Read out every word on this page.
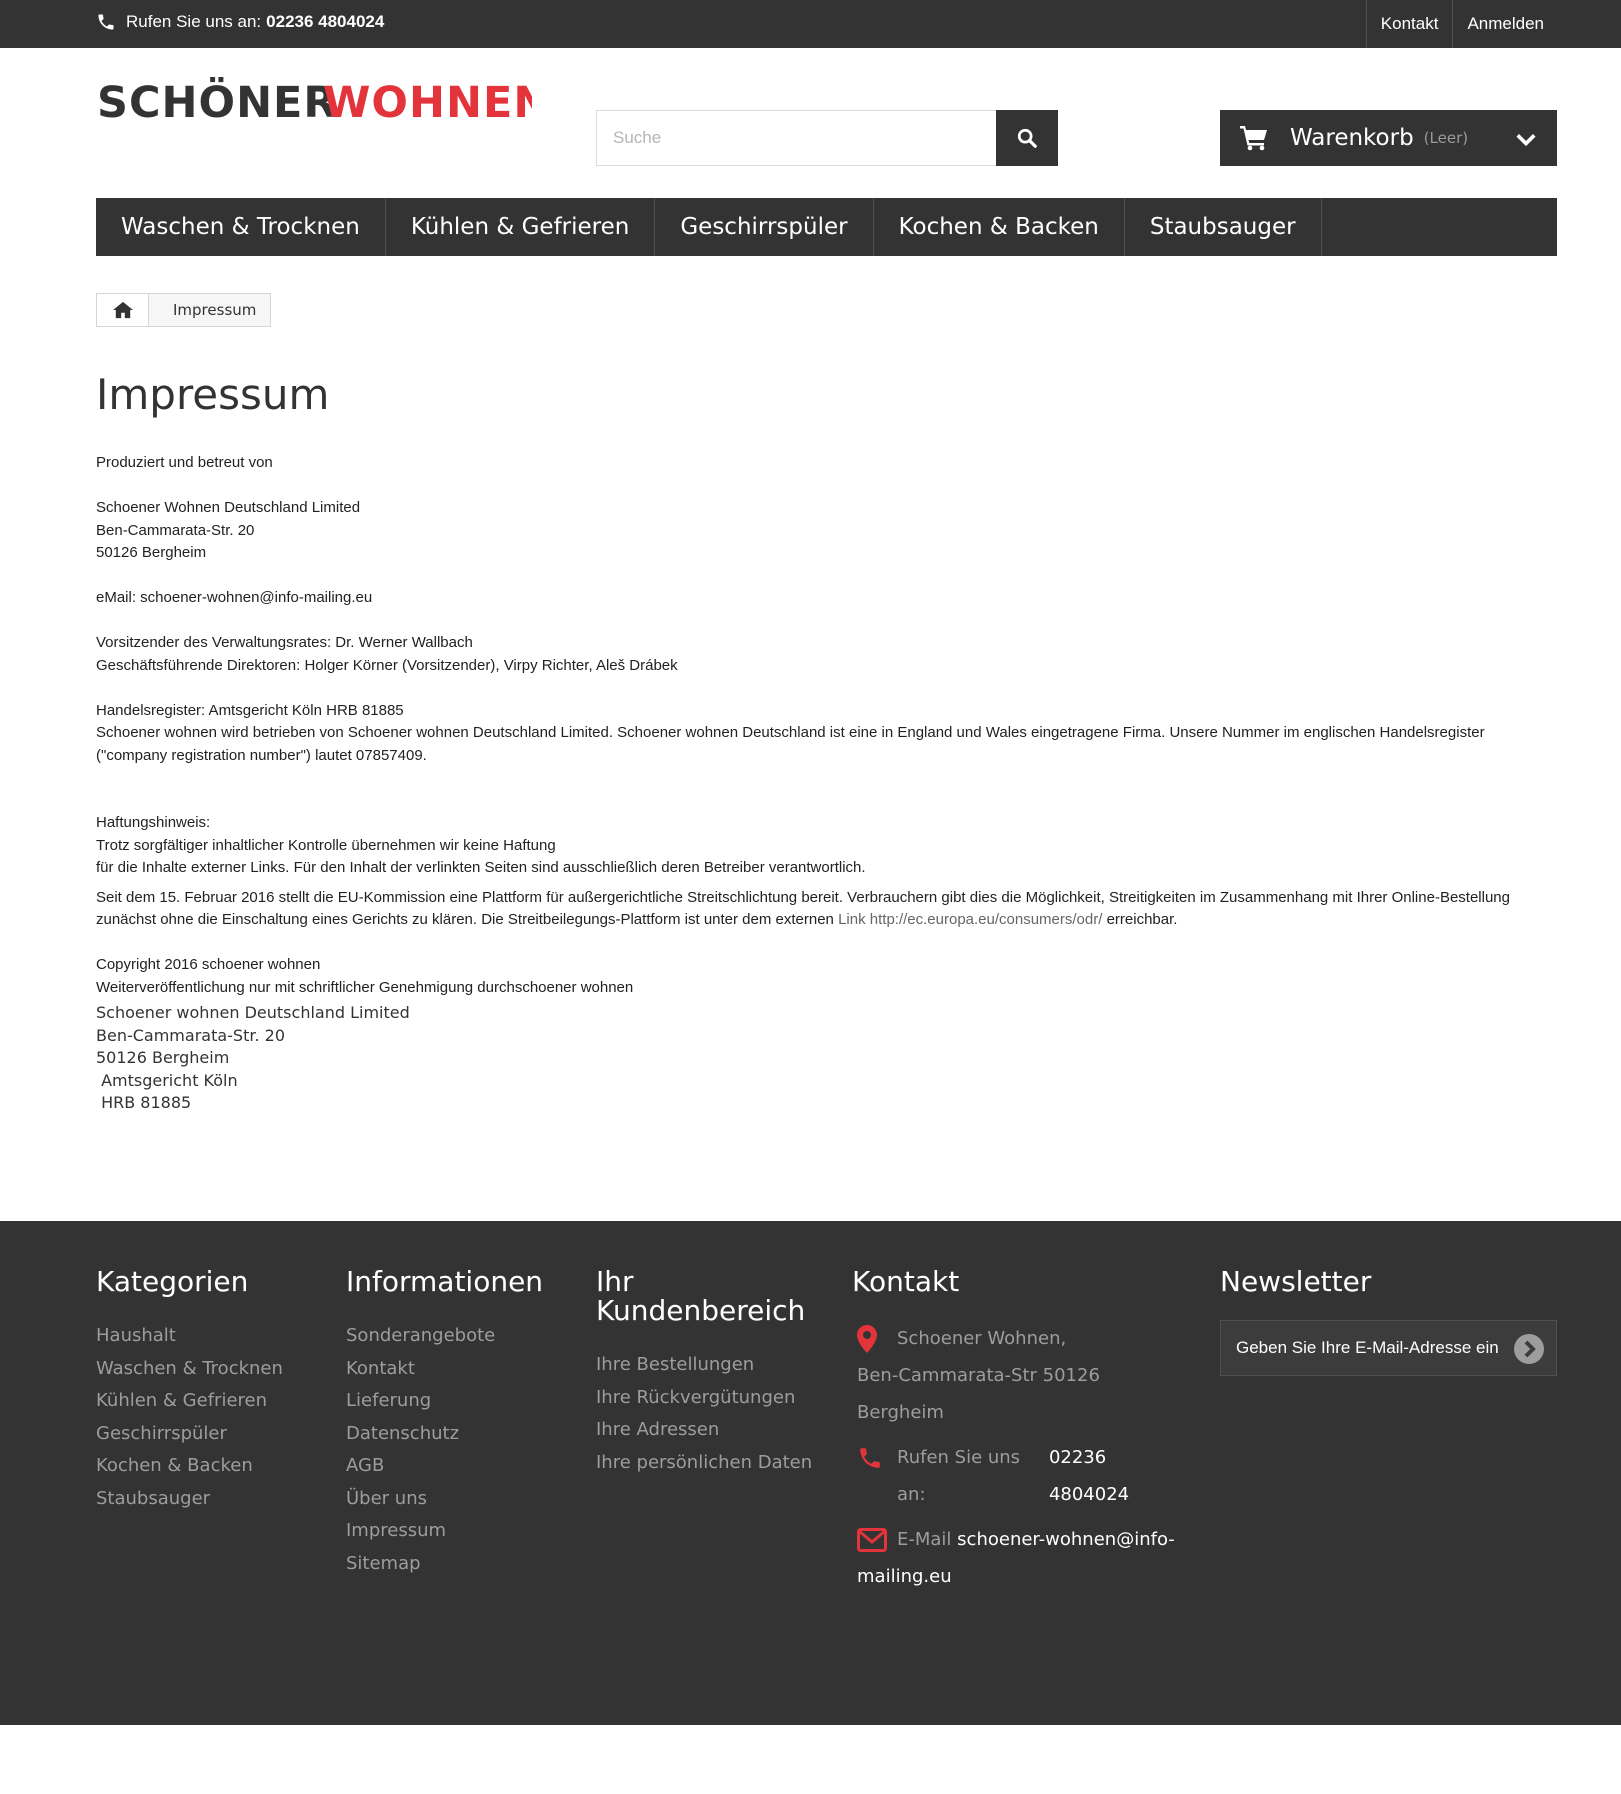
Rufen Sie uns an: 02236 4804024	Kontakt	Anmelden
SCHÖNER
WOHNEN
Suche
Warenkorb (Leer)
Waschen & Trocknen	Kühlen & Gefrieren	Geschirrspüler	Kochen & Backen	Staubsauger
Impressum
Impressum

Produziert und betreut von

Schoener Wohnen Deutschland Limited

Ben-Cammarata-Str. 20

50126 Bergheim

eMail: schoener-wohnen@info-mailing.eu

Vorsitzender des Verwaltungsrates: Dr. Werner Wallbach

Geschäftsführende Direktoren: Holger Körner (Vorsitzender), Virpy Richter, Aleš Drábek

Handelsregister: Amtsgericht Köln HRB 81885

Schoener wohnen wird betrieben von Schoener wohnen Deutschland Limited. Schoener wohnen Deutschland ist eine in England und Wales eingetragene Firma. Unsere Nummer im englischen Handelsregister ("company registration number") lautet 07857409.

Haftungshinweis:

Trotz sorgfältiger inhaltlicher Kontrolle übernehmen wir keine Haftung

für die Inhalte externer Links. Für den Inhalt der verlinkten Seiten sind ausschließlich deren Betreiber verantwortlich.

Seit dem 15. Februar 2016 stellt die EU-Kommission eine Plattform für außergerichtliche Streitschlichtung bereit. Verbrauchern gibt dies die Möglichkeit, Streitigkeiten im Zusammenhang mit Ihrer Online-Bestellung zunächst ohne die Einschaltung eines Gerichts zu klären. Die Streitbeilegungs-Plattform ist unter dem externen Link http://ec.europa.eu/consumers/odr/ erreichbar.

Copyright 2016 schoener wohnen

Weiterveröffentlichung nur mit schriftlicher Genehmigung durchschoener wohnen

Schoener wohnen Deutschland Limited

Ben-Cammarata-Str. 20

50126 Bergheim

Amtsgericht Köln

HRB 81885

Kategorien
Haushalt
Waschen & Trocknen
Kühlen & Gefrieren
Geschirrspüler
Kochen & Backen
Staubsauger
Informationen
Sonderangebote
Kontakt
Lieferung
Datenschutz
AGB
Über uns
Impressum
Sitemap
Ihr
Kundenbereich
Ihre Bestellungen
Ihre Rückvergütungen
Ihre Adressen
Ihre persönlichen Daten
Kontakt
Schoener Wohnen,
Ben-Cammarata-Str 50126 Bergheim
Rufen Sie uns an:

02236 4804024
E-Mail
schoener-wohnen@info-
mailing.eu
Newsletter
Geben Sie Ihre E-Mail-Adresse ein
